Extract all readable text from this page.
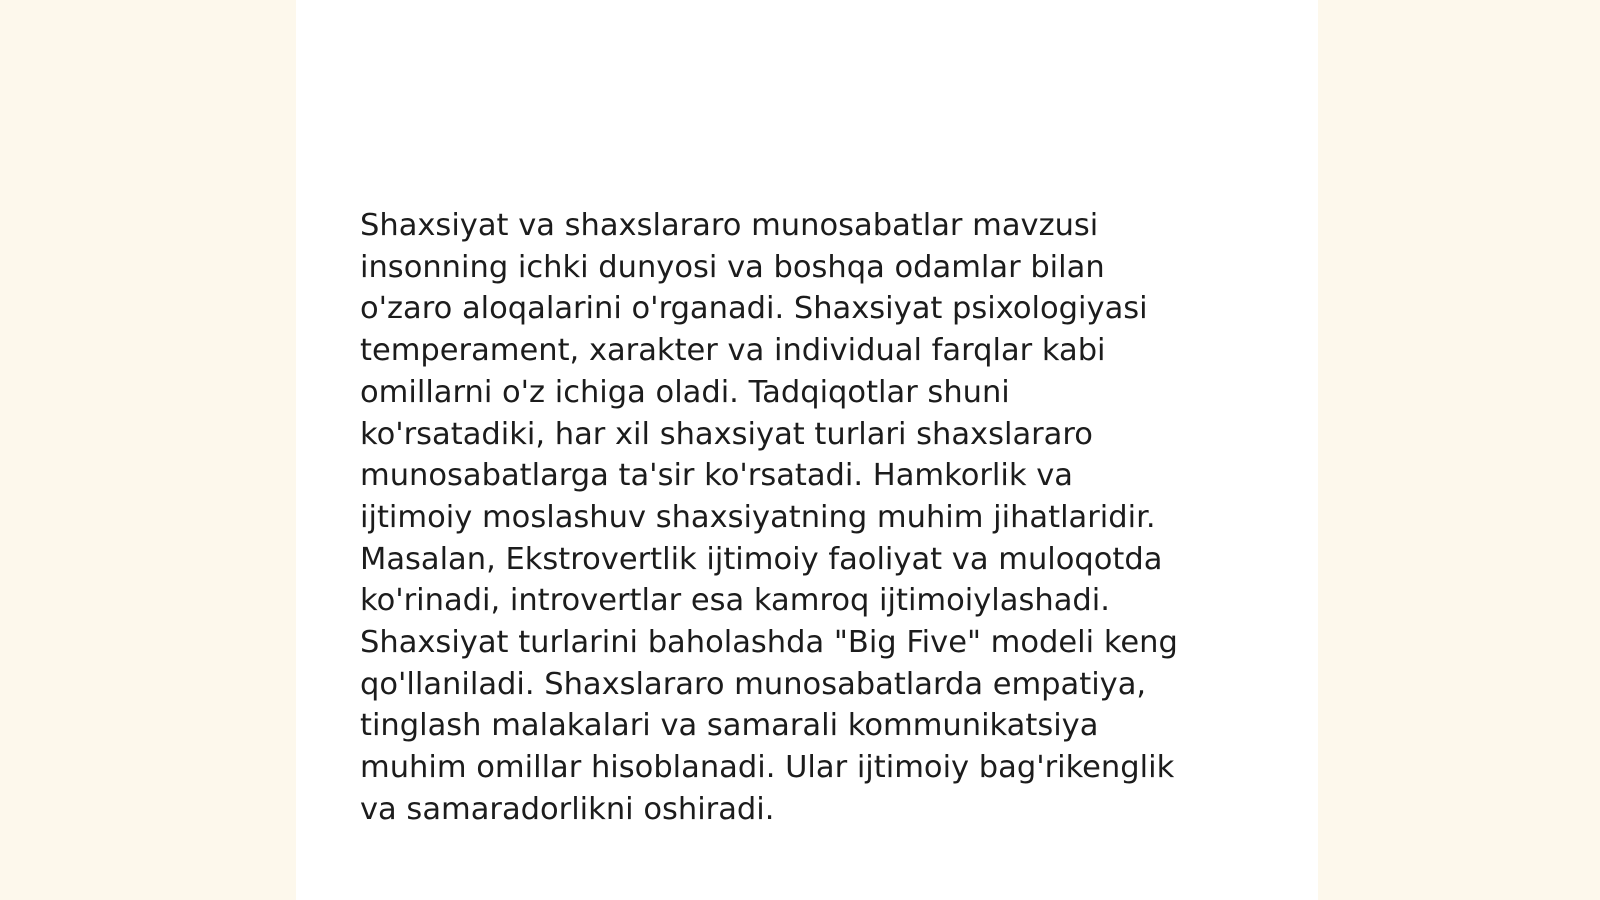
Shaxsiyat va shaxslararo munosabatlar mavzusi
insonning ichki dunyosi va boshqa odamlar bilan
o'zaro aloqalarini o'rganadi. Shaxsiyat psixologiyasi
temperament, xarakter va individual farqlar kabi
omillarni o'z ichiga oladi. Tadqiqotlar shuni
ko'rsatadiki, har xil shaxsiyat turlari shaxslararo
munosabatlarga ta'sir ko'rsatadi. Hamkorlik va
ijtimoiy moslashuv shaxsiyatning muhim jihatlaridir.
Masalan, Ekstrovertlik ijtimoiy faoliyat va muloqotda
ko'rinadi, introvertlar esa kamroq ijtimoiylashadi.
Shaxsiyat turlarini baholashda "Big Five" modeli keng
qo'llaniladi. Shaxslararo munosabatlarda empatiya,
tinglash malakalari va samarali kommunikatsiya
muhim omillar hisoblanadi. Ular ijtimoiy bag'rikenglik
va samaradorlikni oshiradi.
